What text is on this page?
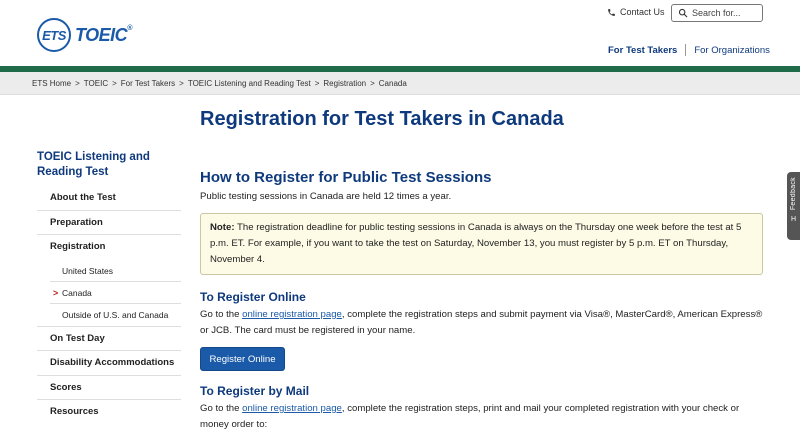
ETS TOEIC®
Contact Us
Search for...
For Test Takers For Organizations
ETS Home > TOEIC > For Test Takers > TOEIC Listening and Reading Test > Registration > Canada
TOEIC Listening and Reading Test
About the Test
Preparation
Registration
United States
> Canada
Outside of U.S. and Canada
On Test Day
Disability Accommodations
Scores
Resources
Registration for Test Takers in Canada
How to Register for Public Test Sessions

Public testing sessions in Canada are held 12 times a year.

Note: The registration deadline for public testing sessions in Canada is always on the Thursday one week before the test at 5 p.m. ET. For example, if you want to take the test on Saturday, November 13, you must register by 5 p.m. ET on Thursday, November 4.
To Register Online

Go to the online registration page, complete the registration steps and submit payment via Visa®, MasterCard®, American Express® or JCB. The card must be registered in your name.

Register Online
To Register by Mail

Go to the online registration page, complete the registration steps, print and mail your completed registration with your check or money order to:

Feedback
H
